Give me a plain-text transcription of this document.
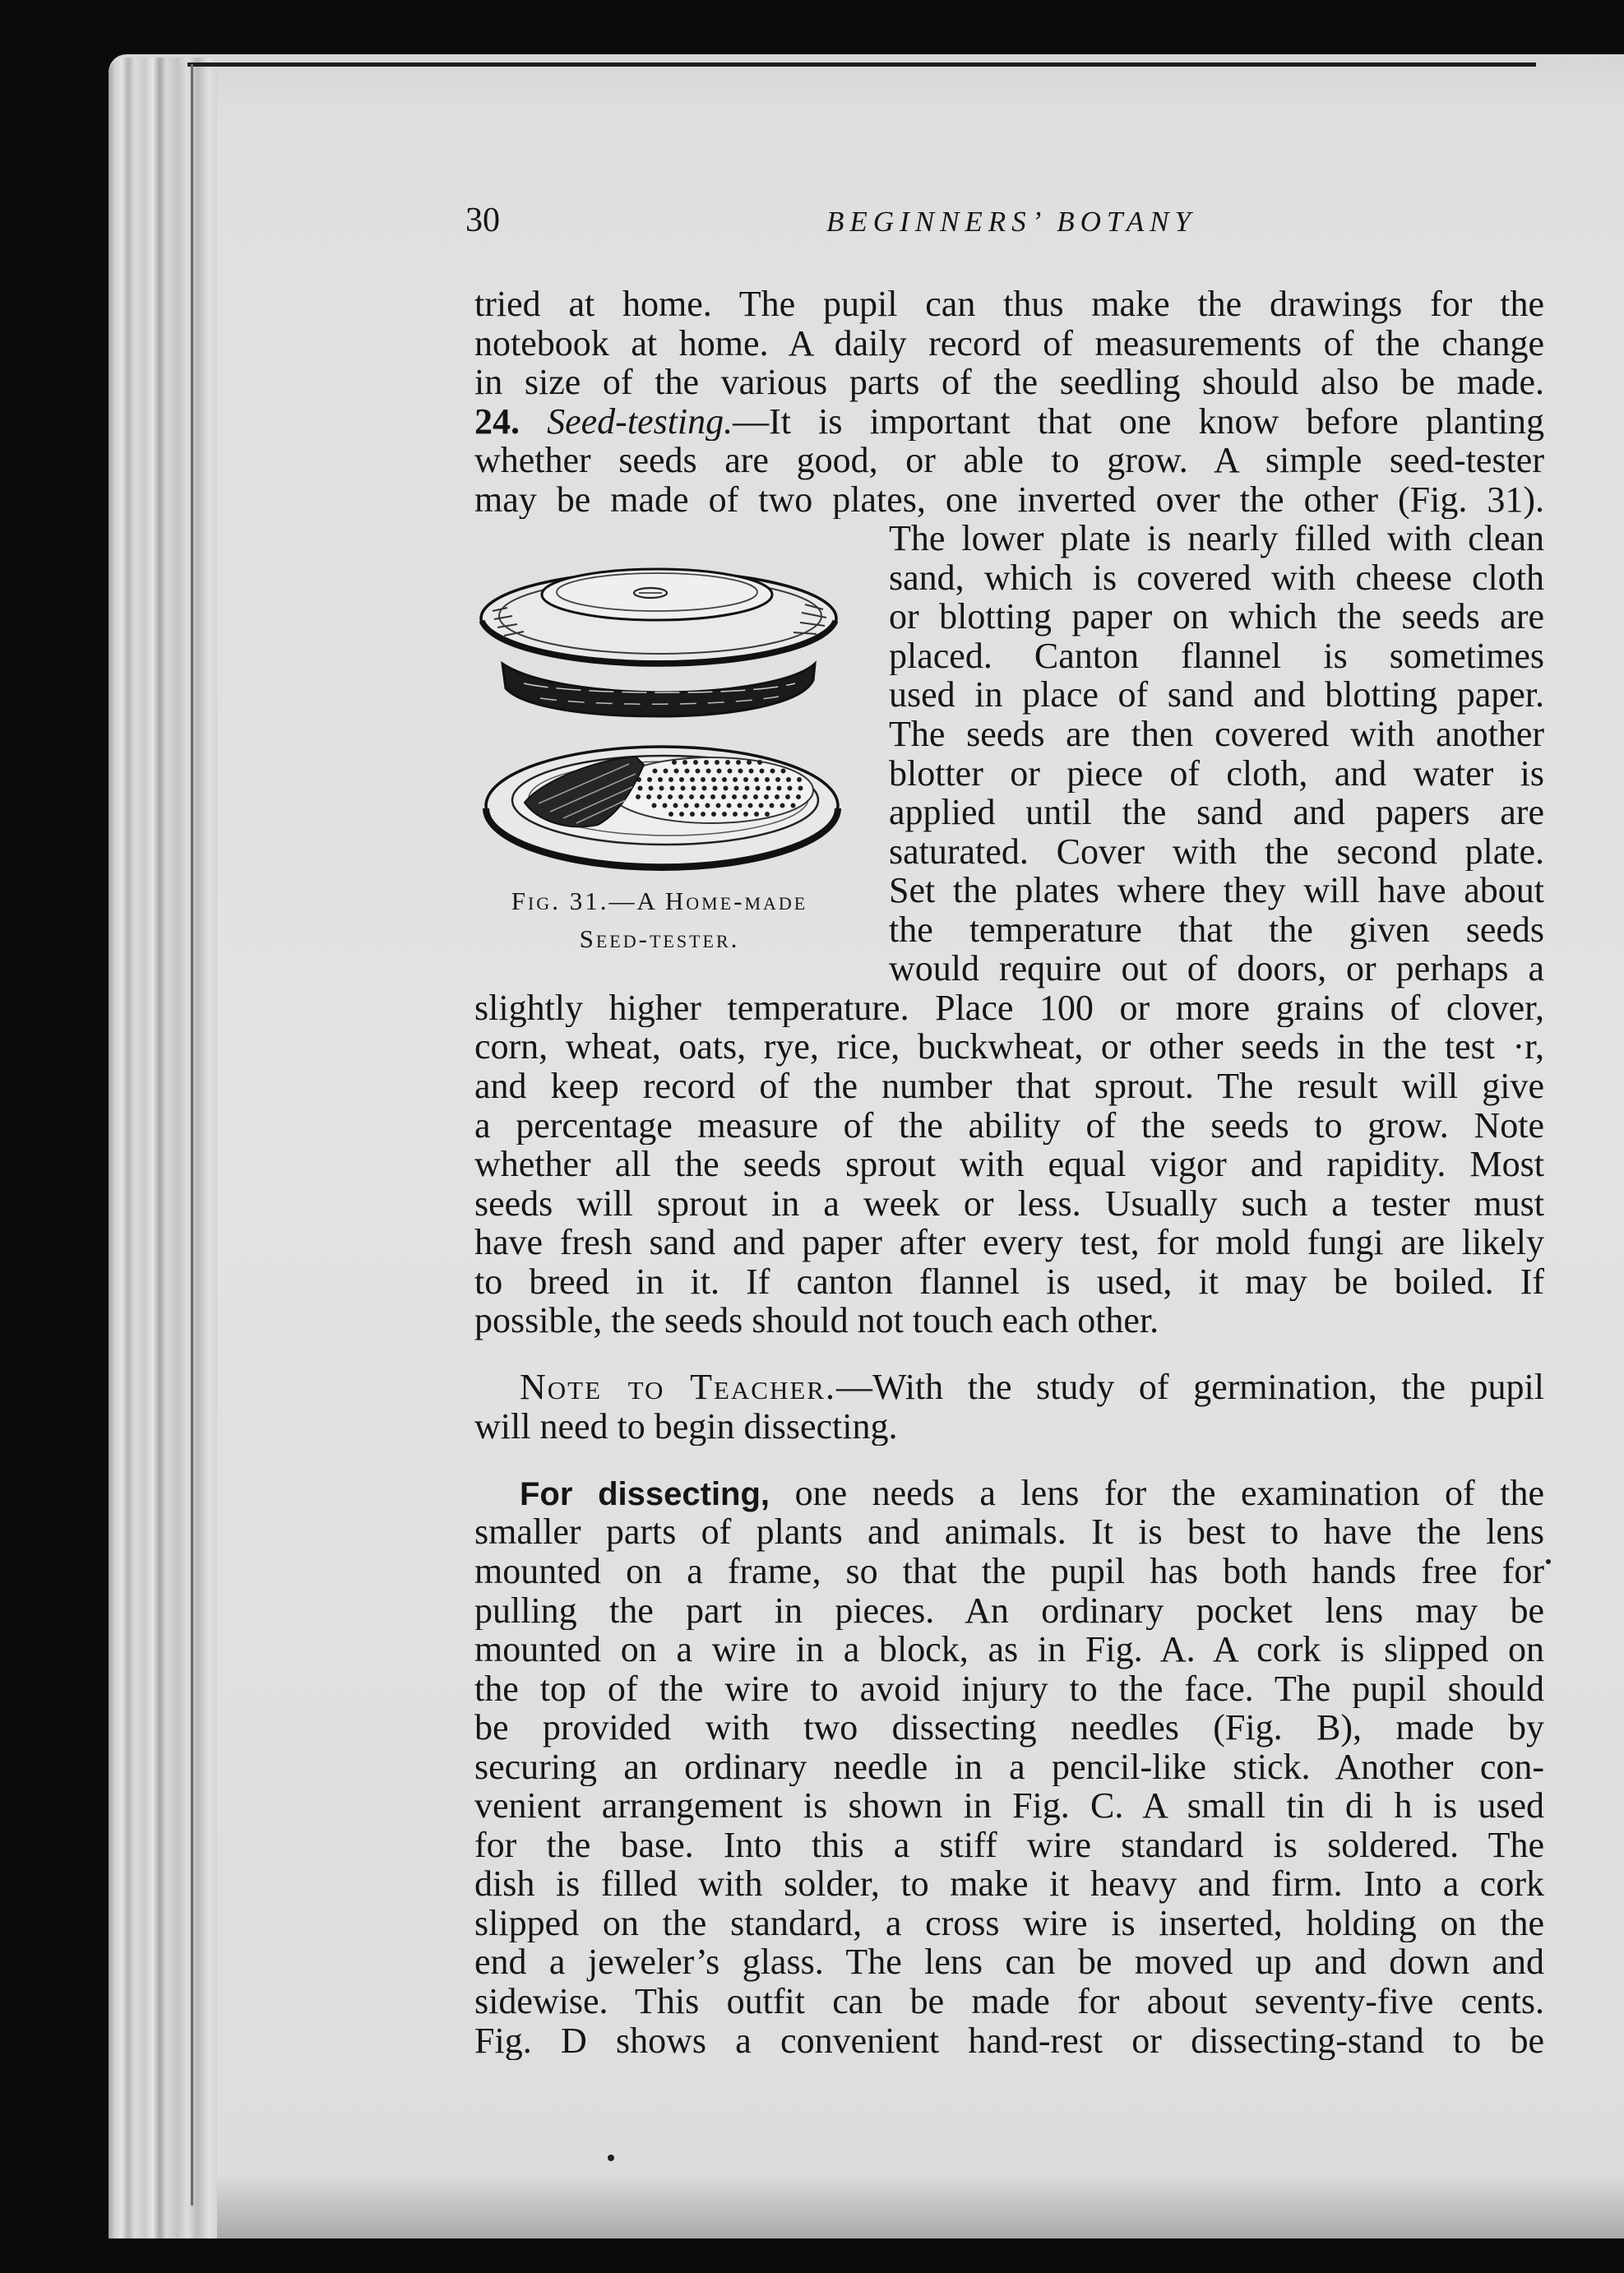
30	BEGINNERS’ BOTANY
tried at home. The pupil can thus make the drawings for the
notebook at home. A daily record of measurements of the change
in size of the various parts of the seedling should also be made.
24. Seed-testing.—It is important that one know before planting
whether seeds are good, or able to grow. A simple seed-tester
may be made of two plates, one inverted over the other (Fig. 31).
Fig. 31.—A Home-made
Seed-tester.
The lower plate is nearly filled with clean
sand, which is covered with cheese cloth
or blotting paper on which the seeds are
placed. Canton flannel is sometimes
used in place of sand and blotting paper.
The seeds are then covered with another
blotter or piece of cloth, and water is
applied until the sand and papers are
saturated. Cover with the second plate.
Set the plates where they will have about
the temperature that the given seeds
would require out of doors, or perhaps a
slightly higher temperature. Place 100 or more grains of clover,
corn, wheat, oats, rye, rice, buckwheat, or other seeds in the test ·r,
and keep record of the number that sprout. The result will give
a percentage measure of the ability of the seeds to grow. Note
whether all the seeds sprout with equal vigor and rapidity. Most
seeds will sprout in a week or less. Usually such a tester must
have fresh sand and paper after every test, for mold fungi are likely
to breed in it. If canton flannel is used, it may be boiled. If
possible, the seeds should not touch each other.
Note to Teacher.—With the study of germination, the pupil
will need to begin dissecting.
For dissecting, one needs a lens for the examination of the
smaller parts of plants and animals. It is best to have the lens
mounted on a frame, so that the pupil has both hands free for
pulling the part in pieces. An ordinary pocket lens may be
mounted on a wire in a block, as in Fig. A. A cork is slipped on
the top of the wire to avoid injury to the face. The pupil should
be provided with two dissecting needles (Fig. B), made by
securing an ordinary needle in a pencil-like stick. Another con-
venient arrangement is shown in Fig. C. A small tin di h is used
for the base. Into this a stiff wire standard is soldered. The
dish is filled with solder, to make it heavy and firm. Into a cork
slipped on the standard, a cross wire is inserted, holding on the
end a jeweler’s glass. The lens can be moved up and down and
sidewise. This outfit can be made for about seventy-five cents.
Fig. D shows a convenient hand-rest or dissecting-stand to be
